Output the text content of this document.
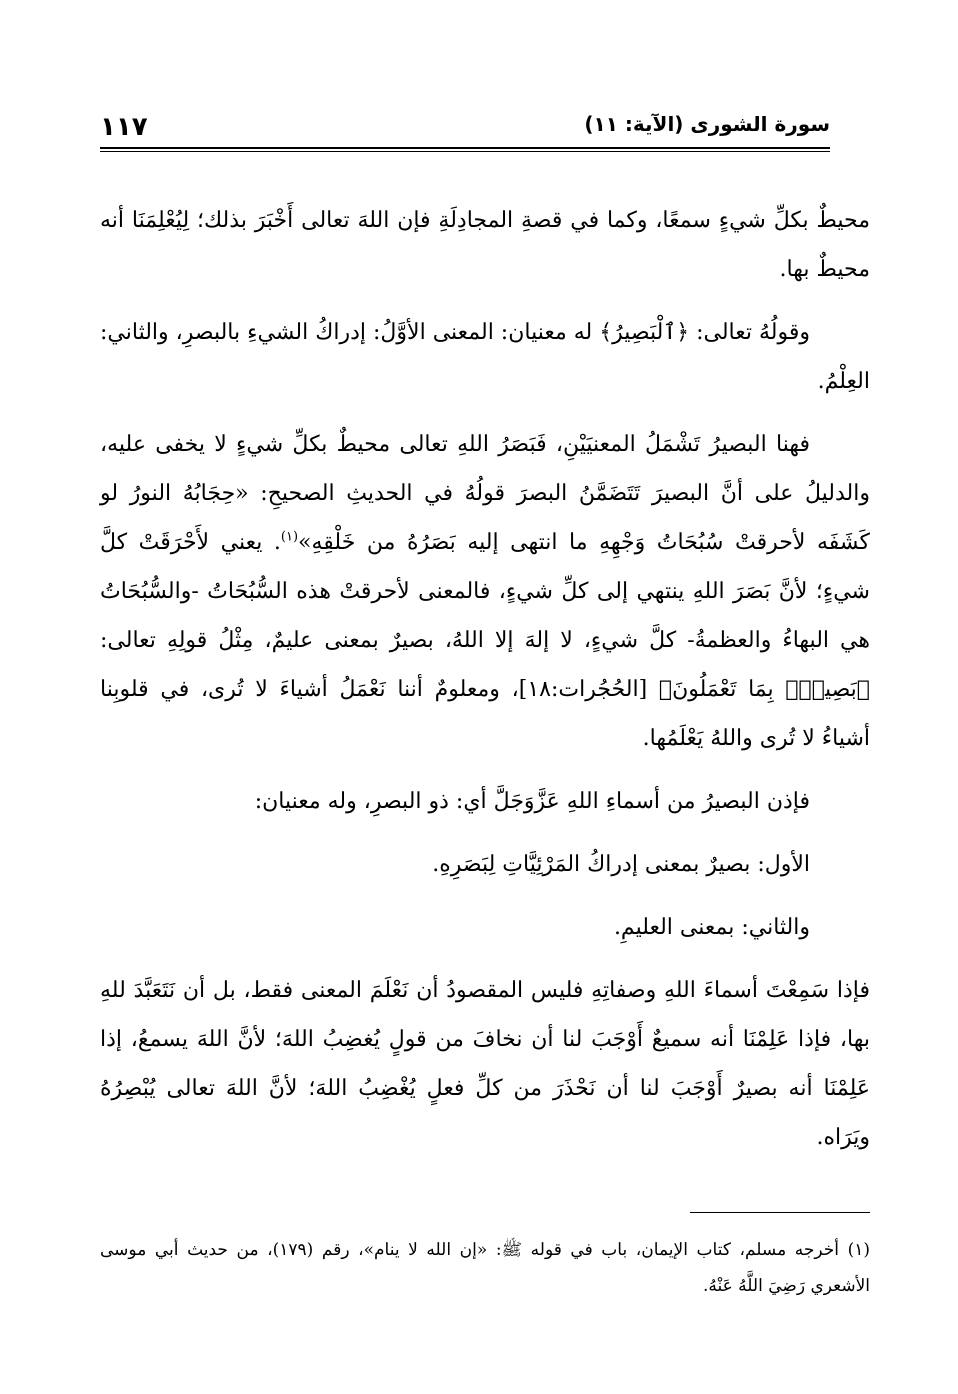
١١٧	سورة الشورى (الآية: ١١)

محيطٌ بكلِّ شيءٍ سمعًا، وكما في قصةِ المجادِلَةِ فإن اللهَ تعالى أَخْبَرَ بذلك؛ لِيُعْلِمَنَا أنه محيطٌ بها.

وقولُهُ تعالى: ﴿ٱلْبَصِيرُ﴾ له معنيان: المعنى الأوَّلُ: إدراكُ الشيءِ بالبصرِ، والثاني: العِلْمُ.

فهنا البصيرُ تَشْمَلُ المعنيَيْنِ، فَبَصَرُ اللهِ تعالى محيطٌ بكلِّ شيءٍ لا يخفى عليه، والدليلُ على أنَّ البصيرَ تَتَضَمَّنُ البصرَ قولُهُ في الحديثِ الصحيحِ: «حِجَابُهُ النورُ لو كَشَفَه لأحرقتْ سُبُحَاتُ وَجْهِهِ ما انتهى إليه بَصَرُهُ من خَلْقِهِ»$^{(١)}$. يعني لأَحْرَقَتْ كلَّ شيءٍ؛ لأنَّ بَصَرَ اللهِ ينتهي إلى كلِّ شيءٍ، فالمعنى لأحرقتْ هذه السُّبُحَاتُ -والسُّبُحَاتُ هي البهاءُ والعظمةُ- كلَّ شيءٍ، لا إلهَ إلا اللهُ، بصيرٌ بمعنى عليمٌ، مِثْلُ قولِهِ تعالى: ﴿بَصِيرٌۢ بِمَا تَعْمَلُونَ﴾ [الحُجُرات:١٨]، ومعلومٌ أننا نَعْمَلُ أشياءَ لا تُرى، في قلوبِنا أشياءُ لا تُرى واللهُ يَعْلَمُها.

فإذن البصيرُ من أسماءِ اللهِ عَزَّوَجَلَّ أي: ذو البصرِ، وله معنيان:

الأول: بصيرٌ بمعنى إدراكُ المَرْئِيَّاتِ لِبَصَرِهِ.

والثاني: بمعنى العليمِ.

فإذا سَمِعْتَ أسماءَ اللهِ وصفاتِهِ فليس المقصودُ أن نَعْلَمَ المعنى فقط، بل أن نَتَعَبَّدَ للهِ بها، فإذا عَلِمْنَا أنه سميعٌ أَوْجَبَ لنا أن نخافَ من قولٍ يُغضِبُ اللهَ؛ لأنَّ اللهَ يسمعُ، إذا عَلِمْنَا أنه بصيرٌ أَوْجَبَ لنا أن نَحْذَرَ من كلِّ فعلٍ يُغْضِبُ اللهَ؛ لأنَّ اللهَ تعالى يُبْصِرُهُ ويَرَاه.

(١) أخرجه مسلم، كتاب الإيمان، باب في قوله ﷺ: «إن الله لا ينام»، رقم (١٧٩)، من حديث أبي موسى الأشعري رَضِيَ اللَّهُ عَنْهُ.
